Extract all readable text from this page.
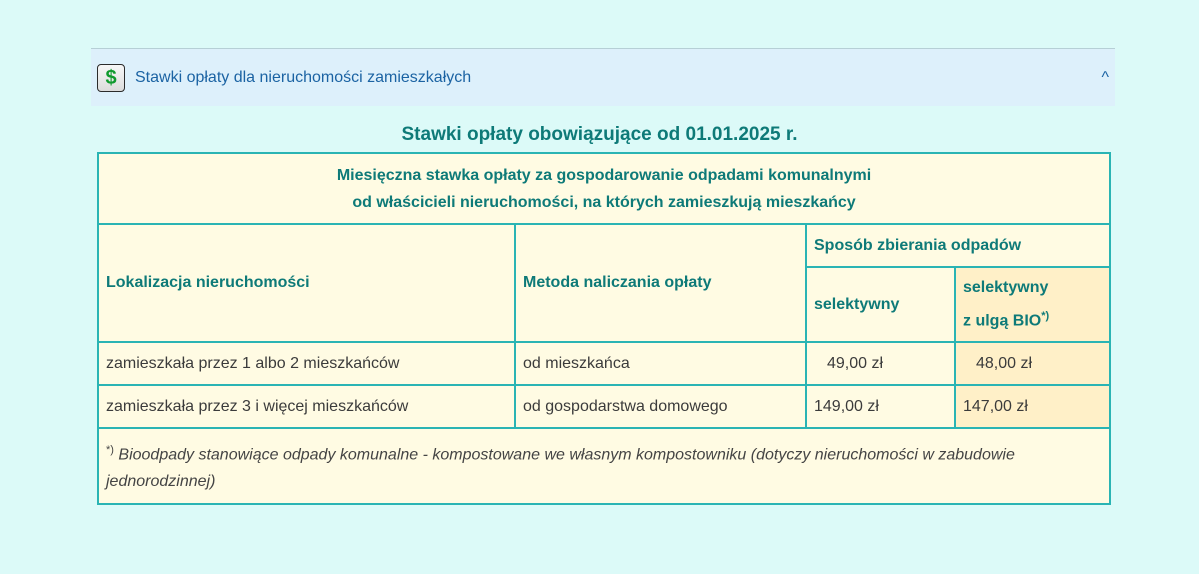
$ Stawki opłaty dla nieruchomości zamieszkałych	^
Stawki opłaty obowiązujące od 01.01.2025 r.
Miesięczna stawka opłaty za gospodarowanie odpadami komunalnymi
od właścicieli nieruchomości, na których zamieszkują mieszkańcy			

Lokalizacja nieruchomości	Metoda naliczania opłaty	Sposób zbierania odpadów	
		selektywny	selektywny
z ulgą BIO*)

zamieszkała przez 1 albo 2 mieszkańców	od mieszkańca	49,00 zł	48,00 zł
zamieszkała przez 3 i więcej mieszkańców	od gospodarstwa domowego	149,00 zł	147,00 zł
*) Bioodpady stanowiące odpady komunalne - kompostowane we własnym kompostowniku (dotyczy nieruchomości w zabudowie jednorodzinnej)			
